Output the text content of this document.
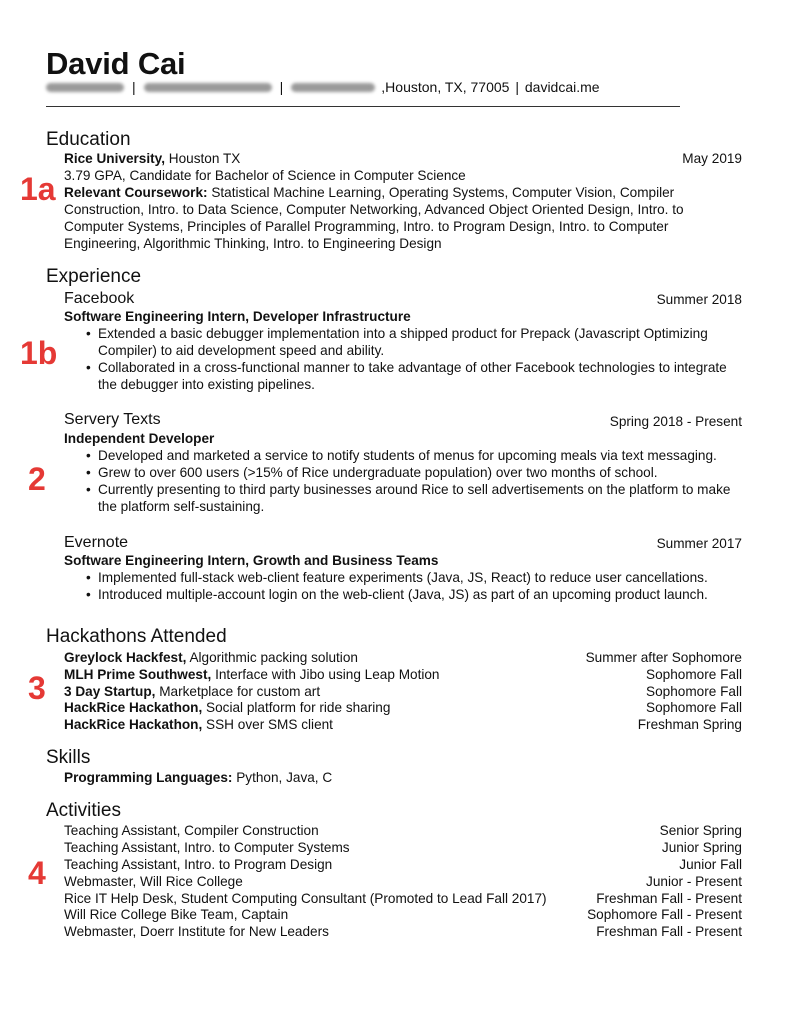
David Cai
|	|	, Houston, TX, 77005 | davidcai.me
Education
Rice University, Houston TX	May 2019
3.79 GPA, Candidate for Bachelor of Science in Computer Science
Relevant Coursework: Statistical Machine Learning, Operating Systems, Computer Vision, Compiler
Construction, Intro. to Data Science, Computer Networking, Advanced Object Oriented Design, Intro. to
Computer Systems, Principles of Parallel Programming, Intro. to Program Design, Intro. to Computer
Engineering, Algorithmic Thinking, Intro. to Engineering Design
1a
Experience
Facebook	Summer 2018
Software Engineering Intern, Developer Infrastructure
• Extended a basic debugger implementation into a shipped product for Prepack (Javascript Optimizing
Compiler) to aid development speed and ability.
• Collaborated in a cross-functional manner to take advantage of other Facebook technologies to integrate
the debugger into existing pipelines.
1b
Servery Texts	Spring 2018 - Present
Independent Developer
• Developed and marketed a service to notify students of menus for upcoming meals via text messaging.
• Grew to over 600 users (>15% of Rice undergraduate population) over two months of school.
• Currently presenting to third party businesses around Rice to sell advertisements on the platform to make
the platform self-sustaining.
2
Evernote	Summer 2017
Software Engineering Intern, Growth and Business Teams
• Implemented full-stack web-client feature experiments (Java, JS, React) to reduce user cancellations.
• Introduced multiple-account login on the web-client (Java, JS) as part of an upcoming product launch.
Hackathons Attended
Greylock Hackfest, Algorithmic packing solution	Summer after Sophomore
MLH Prime Southwest, Interface with Jibo using Leap Motion	Sophomore Fall
3 Day Startup, Marketplace for custom art	Sophomore Fall
HackRice Hackathon, Social platform for ride sharing	Sophomore Fall
HackRice Hackathon, SSH over SMS client	Freshman Spring
3
Skills
Programming Languages: Python, Java, C
Activities
Teaching Assistant, Compiler Construction	Senior Spring
Teaching Assistant, Intro. to Computer Systems	Junior Spring
Teaching Assistant, Intro. to Program Design	Junior Fall
Webmaster, Will Rice College	Junior - Present
Rice IT Help Desk, Student Computing Consultant (Promoted to Lead Fall 2017)	Freshman Fall - Present
Will Rice College Bike Team, Captain	Sophomore Fall - Present
Webmaster, Doerr Institute for New Leaders	Freshman Fall - Present
4
